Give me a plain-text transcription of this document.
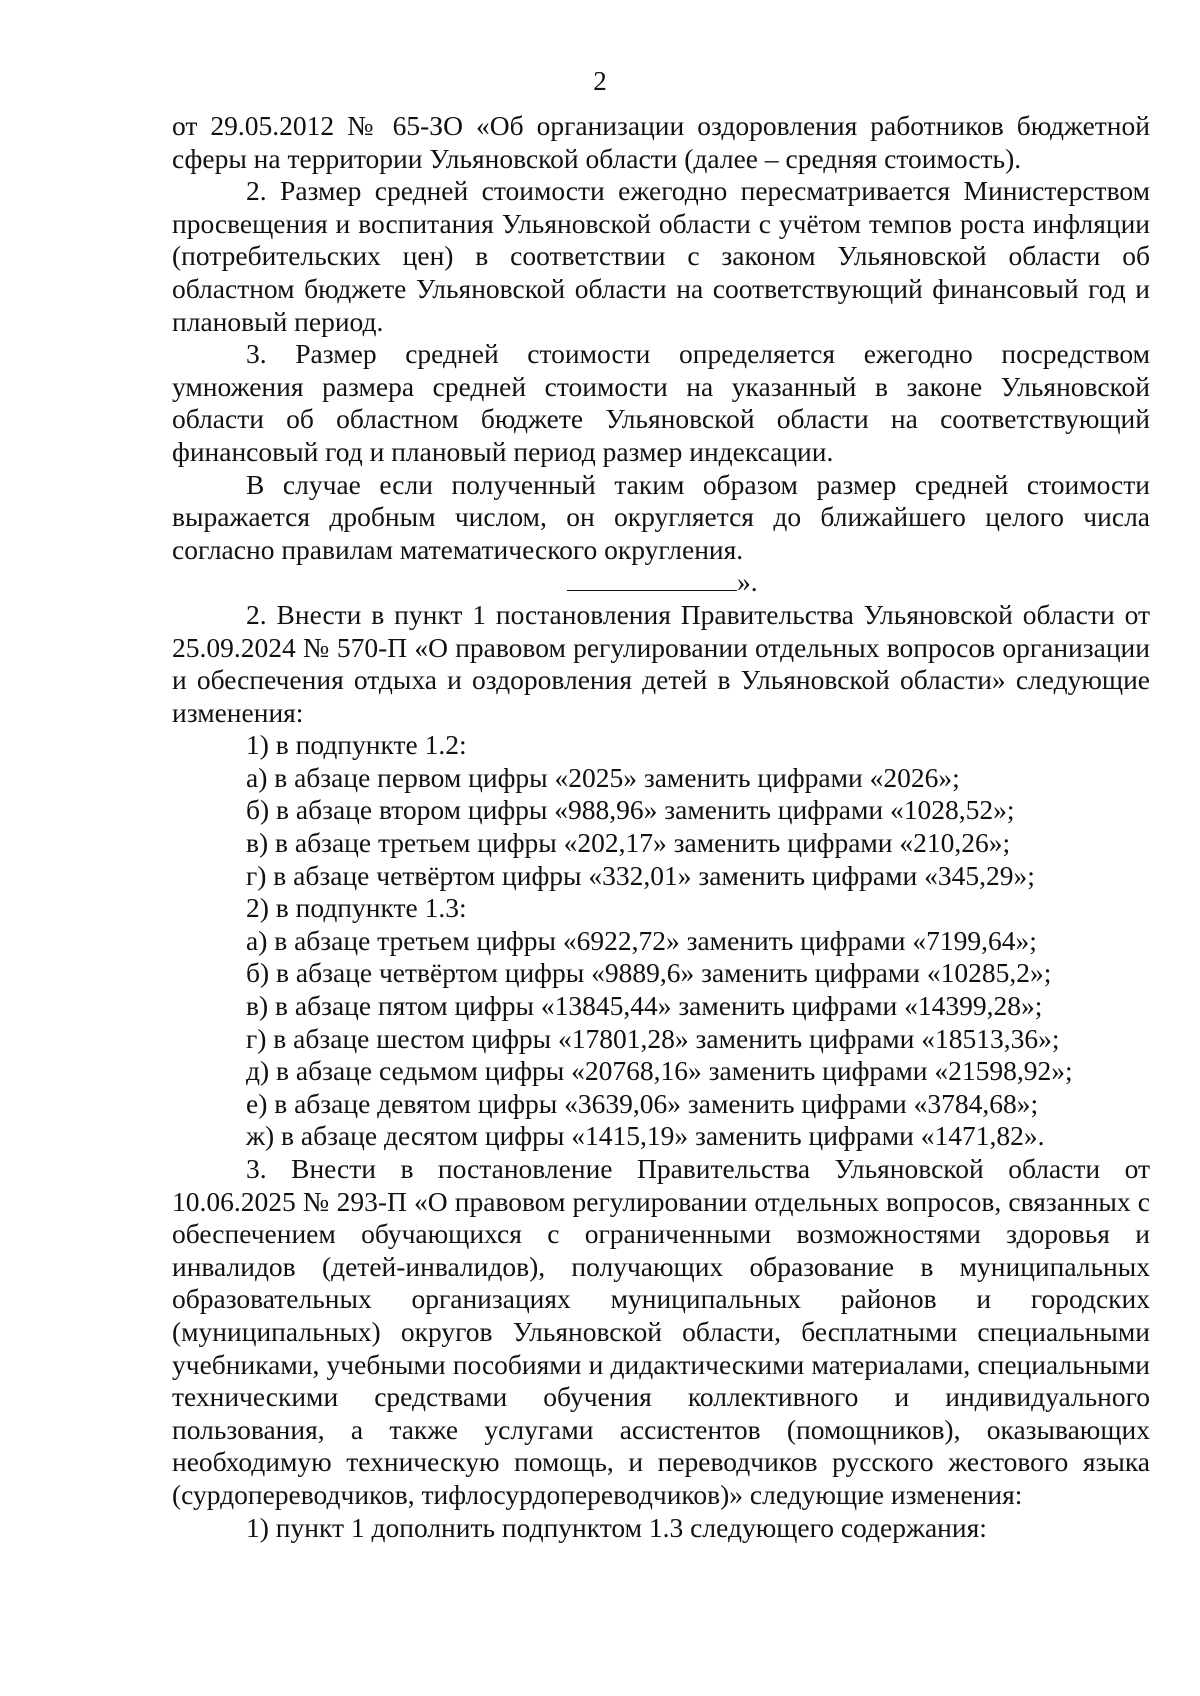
2

от 29.05.2012 № 65-ЗО «Об организации оздоровления работников бюджетной

сферы на территории Ульяновской области (далее – средняя стоимость).

2. Размер средней стоимости ежегодно пересматривается Министерством просвещения и воспитания Ульяновской области с учётом темпов роста инфляции (потребительских цен) в соответствии с законом Ульяновской области об областном бюджете Ульяновской области на соответствующий финансовый год и плановый период.

3. Размер средней стоимости определяется ежегодно посредством умножения размера средней стоимости на указанный в законе Ульяновской области об областном бюджете Ульяновской области на соответствующий финансовый год и плановый период размер индексации.

В случае если полученный таким образом размер средней стоимости выражается дробным числом, он округляется до ближайшего целого числа согласно правилам математического округления.

».

2. Внести в пункт 1 постановления Правительства Ульяновской области от 25.09.2024 № 570-П «О правовом регулировании отдельных вопросов организации и обеспечения отдыха и оздоровления детей в Ульяновской области» следующие изменения:

1) в подпункте 1.2:

а) в абзаце первом цифры «2025» заменить цифрами «2026»;

б) в абзаце втором цифры «988,96» заменить цифрами «1028,52»;

в) в абзаце третьем цифры «202,17» заменить цифрами «210,26»;

г) в абзаце четвёртом цифры «332,01» заменить цифрами «345,29»;

2) в подпункте 1.3:

а) в абзаце третьем цифры «6922,72» заменить цифрами «7199,64»;

б) в абзаце четвёртом цифры «9889,6» заменить цифрами «10285,2»;

в) в абзаце пятом цифры «13845,44» заменить цифрами «14399,28»;

г) в абзаце шестом цифры «17801,28» заменить цифрами «18513,36»;

д) в абзаце седьмом цифры «20768,16» заменить цифрами «21598,92»;

е) в абзаце девятом цифры «3639,06» заменить цифрами «3784,68»;

ж) в абзаце десятом цифры «1415,19» заменить цифрами «1471,82».

3. Внести в постановление Правительства Ульяновской области от 10.06.2025 № 293-П «О правовом регулировании отдельных вопросов, связанных с обеспечением обучающихся с ограниченными возможностями здоровья и инвалидов (детей-инвалидов), получающих образование в муниципальных образовательных организациях муниципальных районов и городских (муниципальных) округов Ульяновской области, бесплатными специальными учебниками, учебными пособиями и дидактическими материалами, специальными техническими средствами обучения коллективного и индивидуального пользования, а также услугами ассистентов (помощников), оказывающих необходимую техническую помощь, и переводчиков русского жестового языка (сурдопереводчиков, тифлосурдопереводчиков)» следующие изменения:

1) пункт 1 дополнить подпунктом 1.3 следующего содержания:
